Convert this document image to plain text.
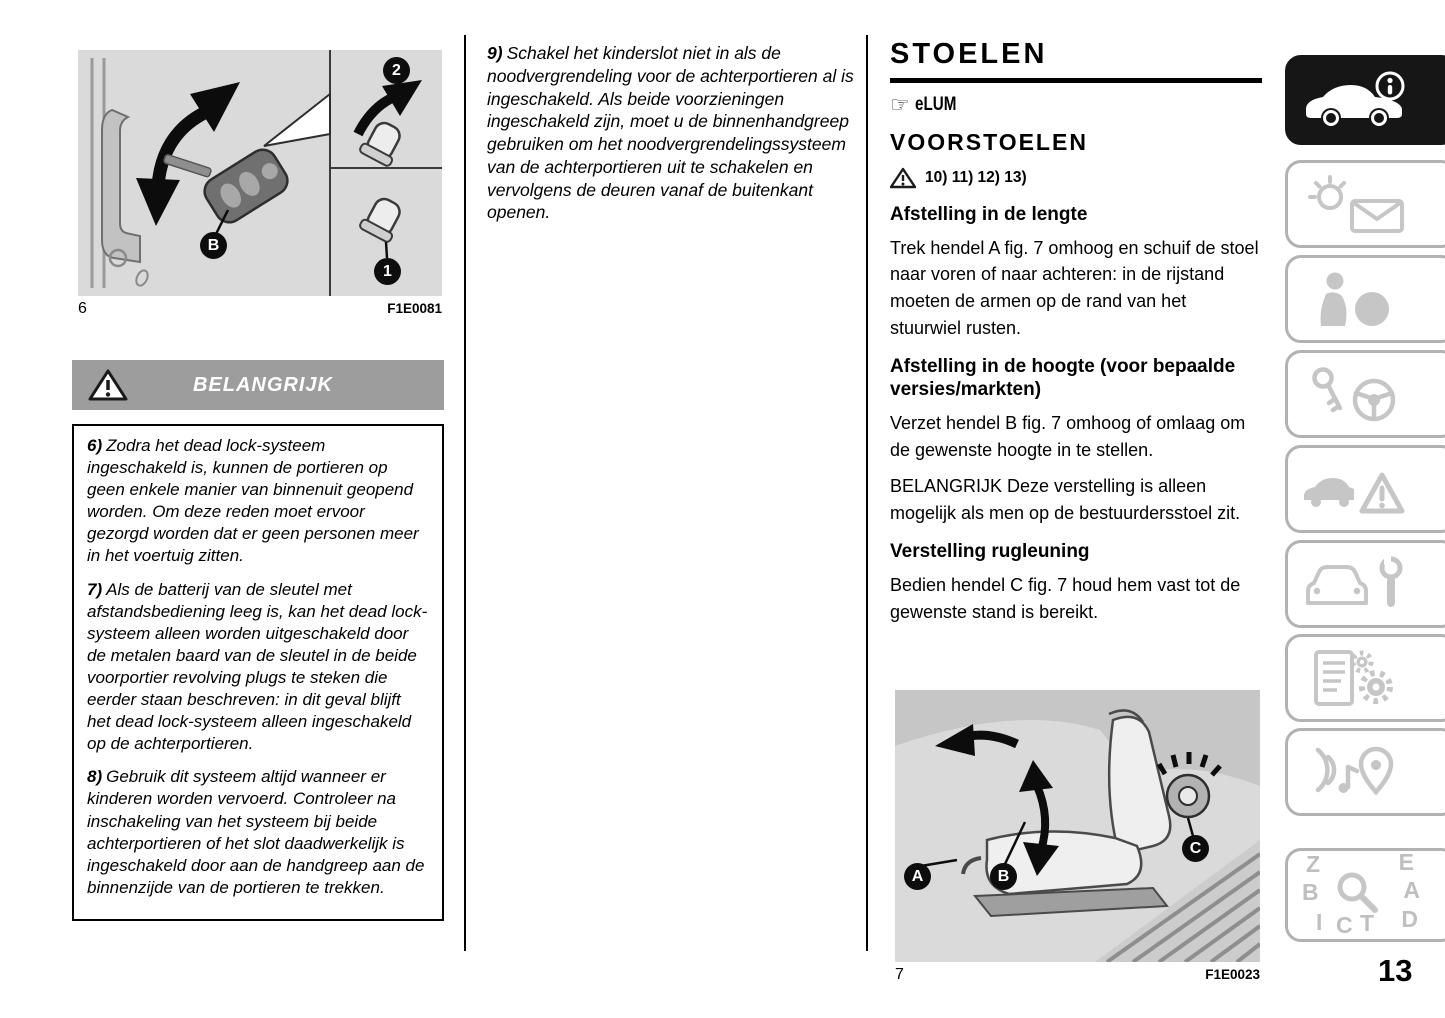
2
B
1
6	F1E0081
BELANGRIJK

6) Zodra het dead lock-systeem ingeschakeld is, kunnen de portieren op geen enkele manier van binnenuit geopend worden. Om deze reden moet ervoor gezorgd worden dat er geen personen meer in het voertuig zitten.

7) Als de batterij van de sleutel met afstandsbediening leeg is, kan het dead lock-systeem alleen worden uitgeschakeld door de metalen baard van de sleutel in de beide voorportier revolving plugs te steken die eerder staan beschreven: in dit geval blijft het dead lock-systeem alleen ingeschakeld op de achterportieren.

8) Gebruik dit systeem altijd wanneer er kinderen worden vervoerd. Controleer na inschakeling van het systeem bij beide achterportieren of het slot daadwerkelijk is ingeschakeld door aan de handgreep aan de binnenzijde van de portieren te trekken.

9) Schakel het kinderslot niet in als de noodvergrendeling voor de achterportieren al is ingeschakeld. Als beide voorzieningen ingeschakeld zijn, moet u de binnenhandgreep gebruiken om het noodvergrendelingssysteem van de achterportieren uit te schakelen en vervolgens de deuren vanaf de buitenkant openen.

STOELEN
☞ eLUM
VOORSTOELEN
10) 11) 12) 13)
Afstelling in de lengte

Trek hendel A fig. 7 omhoog en schuif de stoel naar voren of naar achteren: in de rijstand moeten de armen op de rand van het stuurwiel rusten.

Afstelling in de hoogte (voor bepaalde versies/markten)

Verzet hendel B fig. 7 omhoog of omlaag om de gewenste hoogte in te stellen.

BELANGRIJK Deze verstelling is alleen mogelijk als men op de bestuurdersstoel zit.

Verstelling rugleuning

Bedien hendel C fig. 7 houd hem vast tot de gewenste stand is bereikt.

A	B
C
7	F1E0023
Z	E
B	A
I C T D
13
